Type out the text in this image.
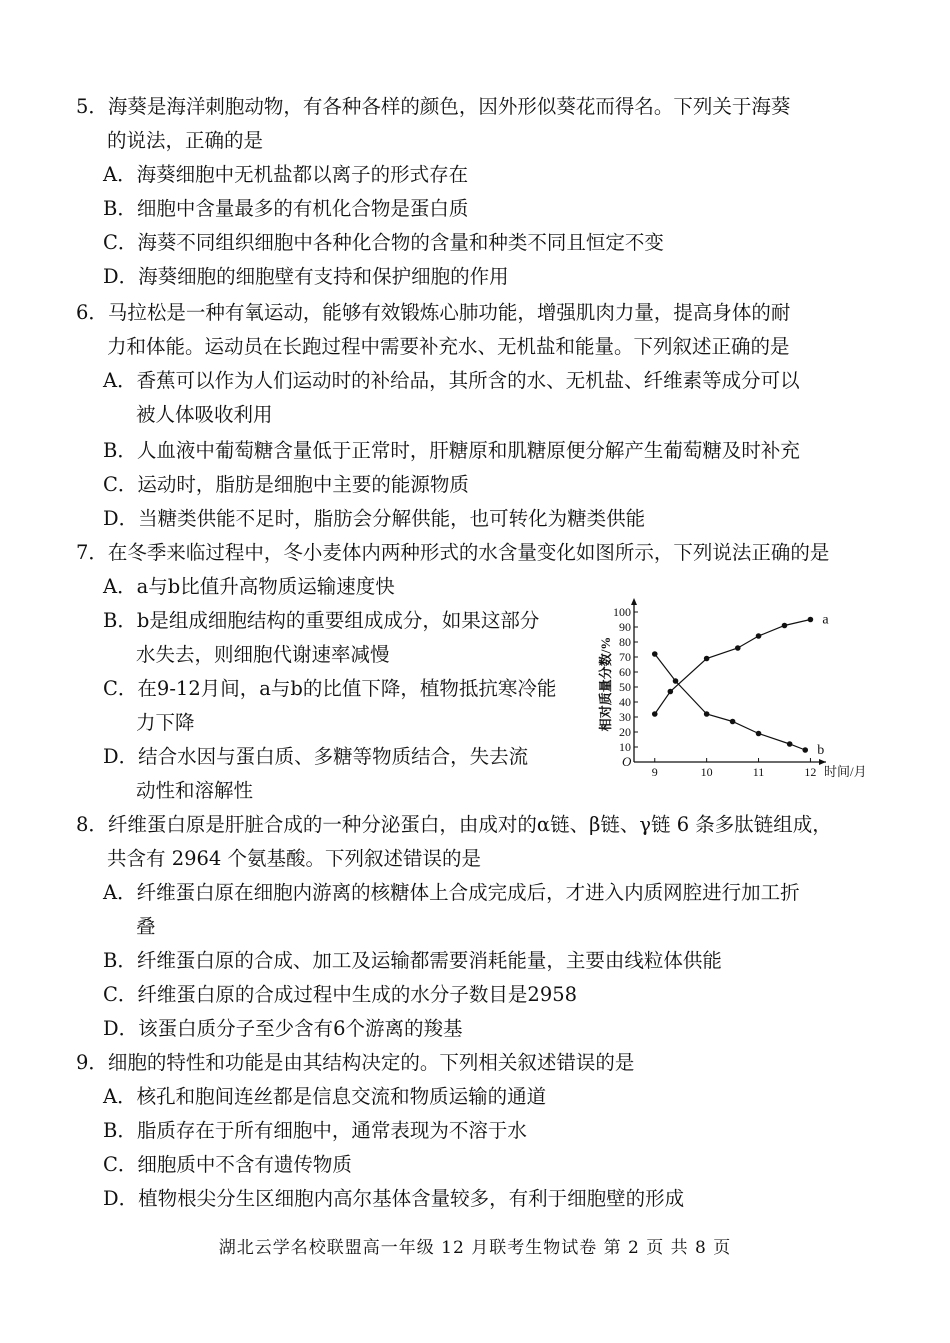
5．海葵是海洋刺胞动物，有各种各样的颜色，因外形似葵花而得名。下列关于海葵
的说法，正确的是
A．海葵细胞中无机盐都以离子的形式存在
B．细胞中含量最多的有机化合物是蛋白质
C．海葵不同组织细胞中各种化合物的含量和种类不同且恒定不变
D．海葵细胞的细胞壁有支持和保护细胞的作用
6．马拉松是一种有氧运动，能够有效锻炼心肺功能，增强肌肉力量，提高身体的耐
力和体能。运动员在长跑过程中需要补充水、无机盐和能量。下列叙述正确的是
A．香蕉可以作为人们运动时的补给品，其所含的水、无机盐、纤维素等成分可以
被人体吸收利用
B．人血液中葡萄糖含量低于正常时，肝糖原和肌糖原便分解产生葡萄糖及时补充
C．运动时，脂肪是细胞中主要的能源物质
D．当糖类供能不足时，脂肪会分解供能，也可转化为糖类供能
7．在冬季来临过程中，冬小麦体内两种形式的水含量变化如图所示，下列说法正确的是
A．a与b比值升高物质运输速度快
B．b是组成细胞结构的重要组成成分，如果这部分
水失去，则细胞代谢速率减慢
C．在9-12月间，a与b的比值下降，植物抵抗寒冷能
力下降
D．结合水因与蛋白质、多糖等物质结合，失去流
动性和溶解性
8．纤维蛋白原是肝脏合成的一种分泌蛋白，由成对的α链、β链、γ链 6 条多肽链组成，
共含有 2964 个氨基酸。下列叙述错误的是
A．纤维蛋白原在细胞内游离的核糖体上合成完成后，才进入内质网腔进行加工折
叠
B．纤维蛋白原的合成、加工及运输都需要消耗能量，主要由线粒体供能
C．纤维蛋白原的合成过程中生成的水分子数目是2958
D．该蛋白质分子至少含有6个游离的羧基
9．细胞的特性和功能是由其结构决定的。下列相关叙述错误的是
A．核孔和胞间连丝都是信息交流和物质运输的通道
B．脂质存在于所有细胞中，通常表现为不溶于水
C．细胞质中不含有遗传物质
D．植物根尖分生区细胞内高尔基体含量较多，有利于细胞壁的形成
10
20
30
40
50
60
70
80
90
100
9	10	11	12
O
时间/月
相对质量分数/%
a
b
湖北云学名校联盟高一年级 12 月联考生物试卷 第 2 页 共 8 页
